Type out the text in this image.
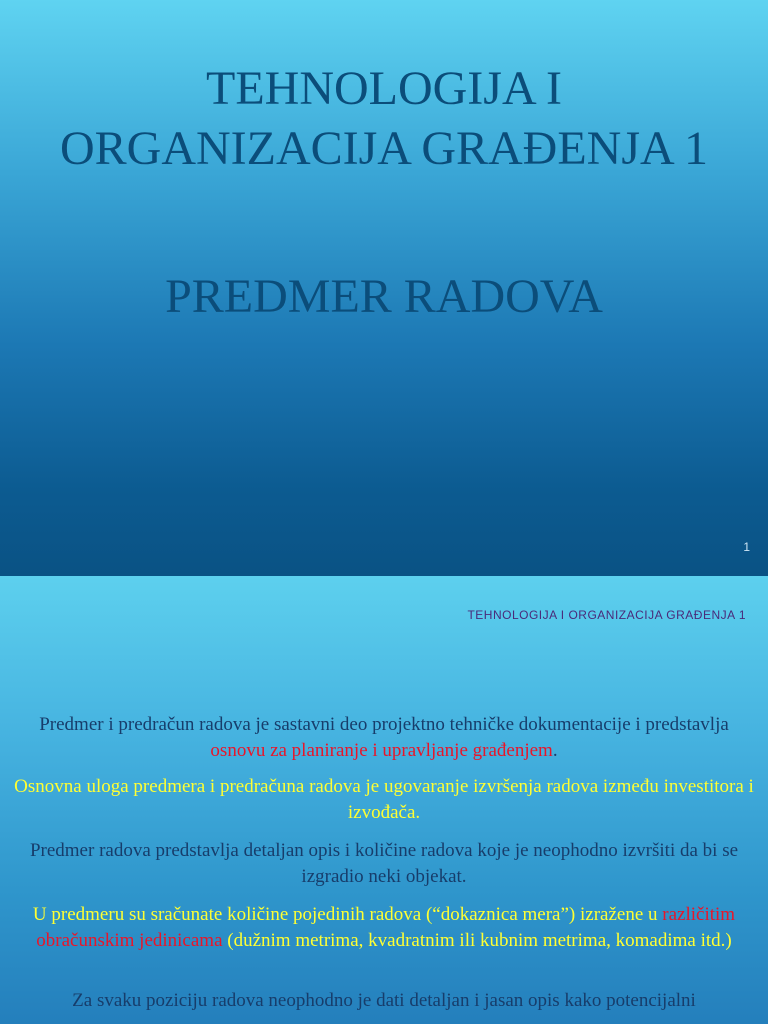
TEHNOLOGIJA I
ORGANIZACIJA GRAĐENJA 1
PREDMER RADOVA
1
TEHNOLOGIJA I ORGANIZACIJA GRAĐENJA 1
Predmer i predračun radova je sastavni deo projektno tehničke dokumentacije i predstavlja osnovu za planiranje i upravljanje građenjem.
Osnovna uloga predmera i predračuna radova je ugovaranje izvršenja radova između investitora i izvođača.
Predmer radova predstavlja detaljan opis i količine radova koje je neophodno izvršiti da bi se izgradio neki objekat.
U predmeru su sračunate količine pojedinih radova (“dokaznica mera”) izražene u različitim obračunskim jedinicama (dužnim metrima, kvadratnim ili kubnim metrima, komadima itd.)
Za svaku poziciju radova neophodno je dati detaljan i jasan opis kako potencijalni
